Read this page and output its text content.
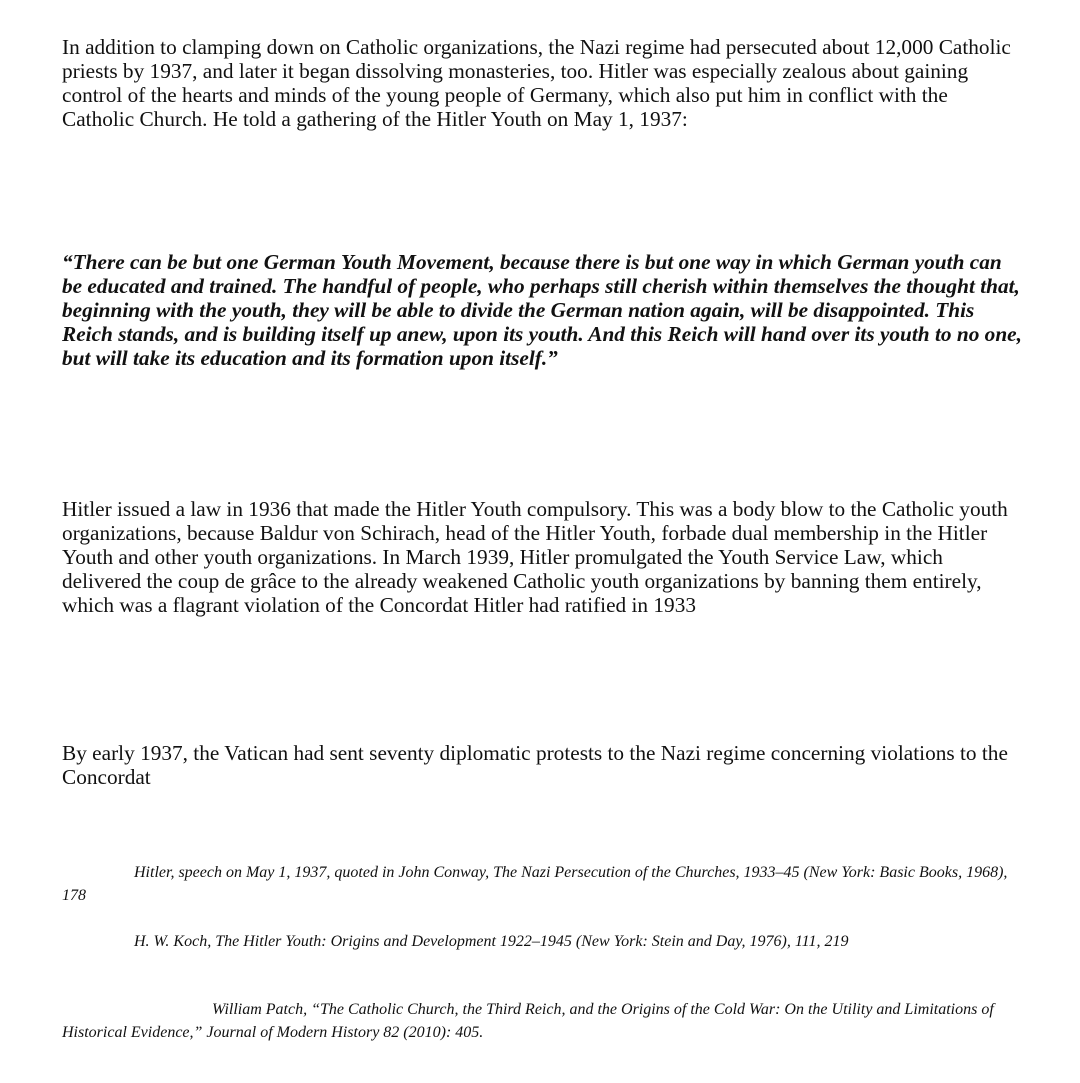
In addition to clamping down on Catholic organizations, the Nazi regime had persecuted about 12,000 Catholic priests by 1937, and later it began dissolving monasteries, too. Hitler was especially zealous about gaining control of the hearts and minds of the young people of Germany, which also put him in conflict with the Catholic Church. He told a gathering of the Hitler Youth on May 1, 1937:

“There can be but one German Youth Movement, because there is but one way in which German youth can be educated and trained. The handful of people, who perhaps still cherish within themselves the thought that, beginning with the youth, they will be able to divide the German nation again, will be disappointed. This Reich stands, and is building itself up anew, upon its youth. And this Reich will hand over its youth to no one, but will take its education and its formation upon itself.”

Hitler issued a law in 1936 that made the Hitler Youth compulsory. This was a body blow to the Catholic youth organizations, because Baldur von Schirach, head of the Hitler Youth, forbade dual membership in the Hitler Youth and other youth organizations. In March 1939, Hitler promulgated the Youth Service Law, which delivered the coup de grâce to the already weakened Catholic youth organizations by banning them entirely, which was a flagrant violation of the Concordat Hitler had ratified in 1933

By early 1937, the Vatican had sent seventy diplomatic protests to the Nazi regime concerning violations to the Concordat

Hitler, speech on May 1, 1937, quoted in John Conway, The Nazi Persecution of the Churches, 1933–45 (New York: Basic Books, 1968), 178

H. W. Koch, The Hitler Youth: Origins and Development 1922–1945 (New York: Stein and Day, 1976), 111, 219

William Patch, “The Catholic Church, the Third Reich, and the Origins of the Cold War: On the Utility and Limitations of Historical Evidence,” Journal of Modern History 82 (2010): 405.
